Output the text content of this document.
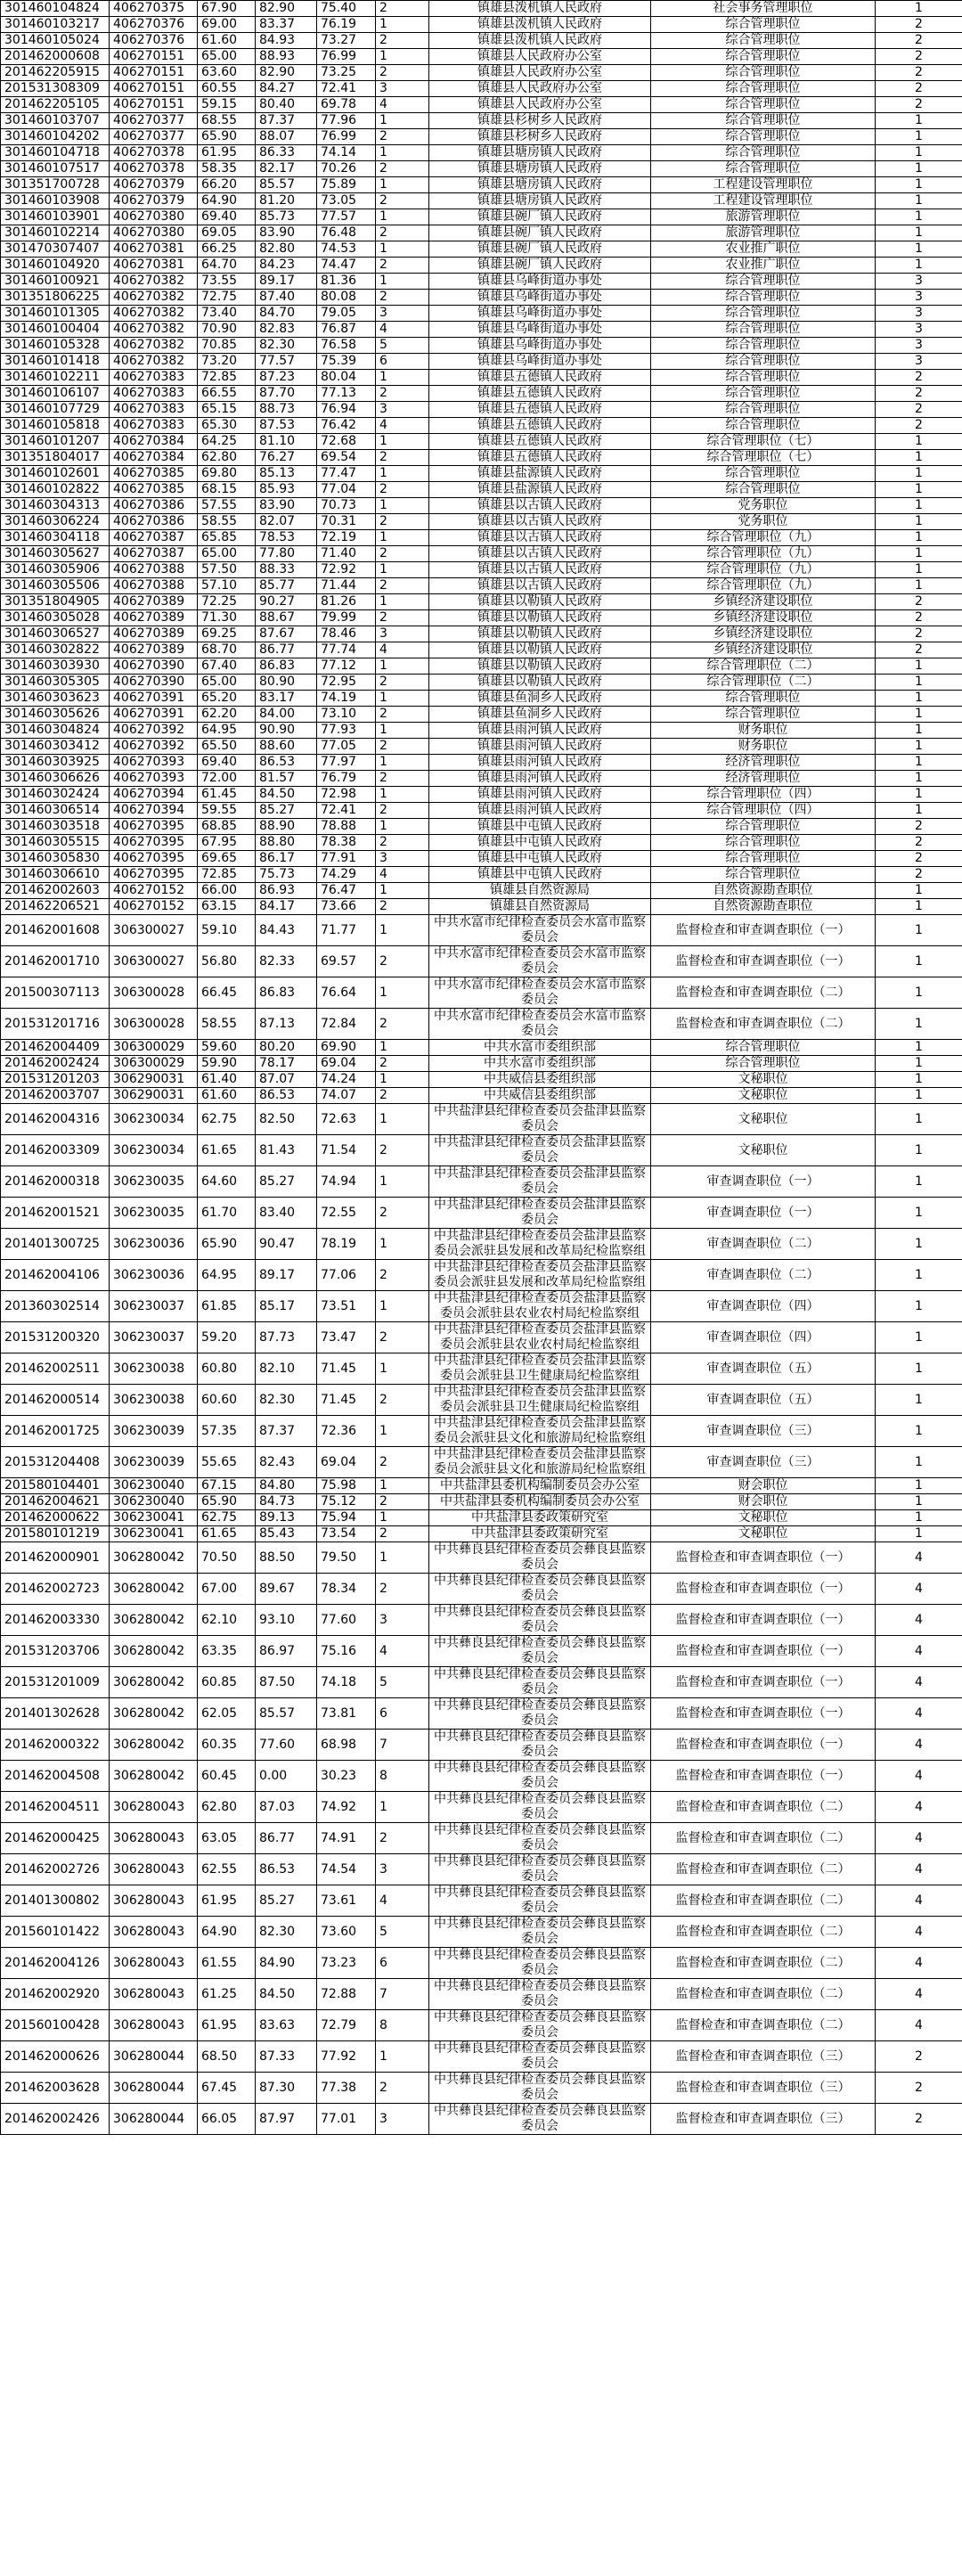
301460104824	406270375	67.90	82.90	75.40	2	镇雄县泼机镇人民政府	社会事务管理职位	1
301460103217	406270376	69.00	83.37	76.19	1	镇雄县泼机镇人民政府	综合管理职位	2
301460105024	406270376	61.60	84.93	73.27	2	镇雄县泼机镇人民政府	综合管理职位	2
201462000608	406270151	65.00	88.93	76.99	1	镇雄县人民政府办公室	综合管理职位	2
201462205915	406270151	63.60	82.90	73.25	2	镇雄县人民政府办公室	综合管理职位	2
201531308309	406270151	60.55	84.27	72.41	3	镇雄县人民政府办公室	综合管理职位	2
201462205105	406270151	59.15	80.40	69.78	4	镇雄县人民政府办公室	综合管理职位	2
301460103707	406270377	68.55	87.37	77.96	1	镇雄县杉树乡人民政府	综合管理职位	1
301460104202	406270377	65.90	88.07	76.99	2	镇雄县杉树乡人民政府	综合管理职位	1
301460104718	406270378	61.95	86.33	74.14	1	镇雄县塘房镇人民政府	综合管理职位	1
301460107517	406270378	58.35	82.17	70.26	2	镇雄县塘房镇人民政府	综合管理职位	1
301351700728	406270379	66.20	85.57	75.89	1	镇雄县塘房镇人民政府	工程建设管理职位	1
301460103908	406270379	64.90	81.20	73.05	2	镇雄县塘房镇人民政府	工程建设管理职位	1
301460103901	406270380	69.40	85.73	77.57	1	镇雄县碗厂镇人民政府	旅游管理职位	1
301460102214	406270380	69.05	83.90	76.48	2	镇雄县碗厂镇人民政府	旅游管理职位	1
301470307407	406270381	66.25	82.80	74.53	1	镇雄县碗厂镇人民政府	农业推广职位	1
301460104920	406270381	64.70	84.23	74.47	2	镇雄县碗厂镇人民政府	农业推广职位	1
301460100921	406270382	73.55	89.17	81.36	1	镇雄县乌峰街道办事处	综合管理职位	3
301351806225	406270382	72.75	87.40	80.08	2	镇雄县乌峰街道办事处	综合管理职位	3
301460101305	406270382	73.40	84.70	79.05	3	镇雄县乌峰街道办事处	综合管理职位	3
301460100404	406270382	70.90	82.83	76.87	4	镇雄县乌峰街道办事处	综合管理职位	3
301460105328	406270382	70.85	82.30	76.58	5	镇雄县乌峰街道办事处	综合管理职位	3
301460101418	406270382	73.20	77.57	75.39	6	镇雄县乌峰街道办事处	综合管理职位	3
301460102211	406270383	72.85	87.23	80.04	1	镇雄县五德镇人民政府	综合管理职位	2
301460106107	406270383	66.55	87.70	77.13	2	镇雄县五德镇人民政府	综合管理职位	2
301460107729	406270383	65.15	88.73	76.94	3	镇雄县五德镇人民政府	综合管理职位	2
301460105818	406270383	65.30	87.53	76.42	4	镇雄县五德镇人民政府	综合管理职位	2
301460101207	406270384	64.25	81.10	72.68	1	镇雄县五德镇人民政府	综合管理职位（七）	1
301351804017	406270384	62.80	76.27	69.54	2	镇雄县五德镇人民政府	综合管理职位（七）	1
301460102601	406270385	69.80	85.13	77.47	1	镇雄县盐源镇人民政府	综合管理职位	1
301460102822	406270385	68.15	85.93	77.04	2	镇雄县盐源镇人民政府	综合管理职位	1
301460304313	406270386	57.55	83.90	70.73	1	镇雄县以古镇人民政府	党务职位	1
301460306224	406270386	58.55	82.07	70.31	2	镇雄县以古镇人民政府	党务职位	1
301460304118	406270387	65.85	78.53	72.19	1	镇雄县以古镇人民政府	综合管理职位（九）	1
301460305627	406270387	65.00	77.80	71.40	2	镇雄县以古镇人民政府	综合管理职位（九）	1
301460305906	406270388	57.50	88.33	72.92	1	镇雄县以古镇人民政府	综合管理职位（九）	1
301460305506	406270388	57.10	85.77	71.44	2	镇雄县以古镇人民政府	综合管理职位（九）	1
301351804905	406270389	72.25	90.27	81.26	1	镇雄县以勒镇人民政府	乡镇经济建设职位	2
301460305028	406270389	71.30	88.67	79.99	2	镇雄县以勒镇人民政府	乡镇经济建设职位	2
301460306527	406270389	69.25	87.67	78.46	3	镇雄县以勒镇人民政府	乡镇经济建设职位	2
301460302822	406270389	68.70	86.77	77.74	4	镇雄县以勒镇人民政府	乡镇经济建设职位	2
301460303930	406270390	67.40	86.83	77.12	1	镇雄县以勒镇人民政府	综合管理职位（二）	1
301460305305	406270390	65.00	80.90	72.95	2	镇雄县以勒镇人民政府	综合管理职位（二）	1
301460303623	406270391	65.20	83.17	74.19	1	镇雄县鱼洞乡人民政府	综合管理职位	1
301460305626	406270391	62.20	84.00	73.10	2	镇雄县鱼洞乡人民政府	综合管理职位	1
301460304824	406270392	64.95	90.90	77.93	1	镇雄县雨河镇人民政府	财务职位	1
301460303412	406270392	65.50	88.60	77.05	2	镇雄县雨河镇人民政府	财务职位	1
301460303925	406270393	69.40	86.53	77.97	1	镇雄县雨河镇人民政府	经济管理职位	1
301460306626	406270393	72.00	81.57	76.79	2	镇雄县雨河镇人民政府	经济管理职位	1
301460302424	406270394	61.45	84.50	72.98	1	镇雄县雨河镇人民政府	综合管理职位（四）	1
301460306514	406270394	59.55	85.27	72.41	2	镇雄县雨河镇人民政府	综合管理职位（四）	1
301460303518	406270395	68.85	88.90	78.88	1	镇雄县中屯镇人民政府	综合管理职位	2
301460305515	406270395	67.95	88.80	78.38	2	镇雄县中屯镇人民政府	综合管理职位	2
301460305830	406270395	69.65	86.17	77.91	3	镇雄县中屯镇人民政府	综合管理职位	2
301460306610	406270395	72.85	75.73	74.29	4	镇雄县中屯镇人民政府	综合管理职位	2
201462002603	406270152	66.00	86.93	76.47	1	镇雄县自然资源局	自然资源勘查职位	1
201462206521	406270152	63.15	84.17	73.66	2	镇雄县自然资源局	自然资源勘查职位	1
201462001608	306300027	59.10	84.43	71.77	1	中共水富市纪律检查委员会水富市监察委员会	监督检查和审查调查职位（一）	1
201462001710	306300027	56.80	82.33	69.57	2	中共水富市纪律检查委员会水富市监察委员会	监督检查和审查调查职位（一）	1
201500307113	306300028	66.45	86.83	76.64	1	中共水富市纪律检查委员会水富市监察委员会	监督检查和审查调查职位（二）	1
201531201716	306300028	58.55	87.13	72.84	2	中共水富市纪律检查委员会水富市监察委员会	监督检查和审查调查职位（二）	1
201462004409	306300029	59.60	80.20	69.90	1	中共水富市委组织部	综合管理职位	1
201462002424	306300029	59.90	78.17	69.04	2	中共水富市委组织部	综合管理职位	1
201531201203	306290031	61.40	87.07	74.24	1	中共威信县委组织部	文秘职位	1
201462003707	306290031	61.60	86.53	74.07	2	中共威信县委组织部	文秘职位	1
201462004316	306230034	62.75	82.50	72.63	1	中共盐津县纪律检查委员会盐津县监察委员会	文秘职位	1
201462003309	306230034	61.65	81.43	71.54	2	中共盐津县纪律检查委员会盐津县监察委员会	文秘职位	1
201462000318	306230035	64.60	85.27	74.94	1	中共盐津县纪律检查委员会盐津县监察委员会	审查调查职位（一）	1
201462001521	306230035	61.70	83.40	72.55	2	中共盐津县纪律检查委员会盐津县监察委员会	审查调查职位（一）	1
201401300725	306230036	65.90	90.47	78.19	1	中共盐津县纪律检查委员会盐津县监察委员会派驻县发展和改革局纪检监察组	审查调查职位（二）	1
201462004106	306230036	64.95	89.17	77.06	2	中共盐津县纪律检查委员会盐津县监察委员会派驻县发展和改革局纪检监察组	审查调查职位（二）	1
201360302514	306230037	61.85	85.17	73.51	1	中共盐津县纪律检查委员会盐津县监察委员会派驻县农业农村局纪检监察组	审查调查职位（四）	1
201531200320	306230037	59.20	87.73	73.47	2	中共盐津县纪律检查委员会盐津县监察委员会派驻县农业农村局纪检监察组	审查调查职位（四）	1
201462002511	306230038	60.80	82.10	71.45	1	中共盐津县纪律检查委员会盐津县监察委员会派驻县卫生健康局纪检监察组	审查调查职位（五）	1
201462000514	306230038	60.60	82.30	71.45	2	中共盐津县纪律检查委员会盐津县监察委员会派驻县卫生健康局纪检监察组	审查调查职位（五）	1
201462001725	306230039	57.35	87.37	72.36	1	中共盐津县纪律检查委员会盐津县监察委员会派驻县文化和旅游局纪检监察组	审查调查职位（三）	1
201531204408	306230039	55.65	82.43	69.04	2	中共盐津县纪律检查委员会盐津县监察委员会派驻县文化和旅游局纪检监察组	审查调查职位（三）	1
201580104401	306230040	67.15	84.80	75.98	1	中共盐津县委机构编制委员会办公室	财会职位	1
201462004621	306230040	65.90	84.73	75.12	2	中共盐津县委机构编制委员会办公室	财会职位	1
201462000622	306230041	62.75	89.13	75.94	1	中共盐津县委政策研究室	文秘职位	1
201580101219	306230041	61.65	85.43	73.54	2	中共盐津县委政策研究室	文秘职位	1
201462000901	306280042	70.50	88.50	79.50	1	中共彝良县纪律检查委员会彝良县监察委员会	监督检查和审查调查职位（一）	4
201462002723	306280042	67.00	89.67	78.34	2	中共彝良县纪律检查委员会彝良县监察委员会	监督检查和审查调查职位（一）	4
201462003330	306280042	62.10	93.10	77.60	3	中共彝良县纪律检查委员会彝良县监察委员会	监督检查和审查调查职位（一）	4
201531203706	306280042	63.35	86.97	75.16	4	中共彝良县纪律检查委员会彝良县监察委员会	监督检查和审查调查职位（一）	4
201531201009	306280042	60.85	87.50	74.18	5	中共彝良县纪律检查委员会彝良县监察委员会	监督检查和审查调查职位（一）	4
201401302628	306280042	62.05	85.57	73.81	6	中共彝良县纪律检查委员会彝良县监察委员会	监督检查和审查调查职位（一）	4
201462000322	306280042	60.35	77.60	68.98	7	中共彝良县纪律检查委员会彝良县监察委员会	监督检查和审查调查职位（一）	4
201462004508	306280042	60.45	0.00	30.23	8	中共彝良县纪律检查委员会彝良县监察委员会	监督检查和审查调查职位（一）	4
201462004511	306280043	62.80	87.03	74.92	1	中共彝良县纪律检查委员会彝良县监察委员会	监督检查和审查调查职位（二）	4
201462000425	306280043	63.05	86.77	74.91	2	中共彝良县纪律检查委员会彝良县监察委员会	监督检查和审查调查职位（二）	4
201462002726	306280043	62.55	86.53	74.54	3	中共彝良县纪律检查委员会彝良县监察委员会	监督检查和审查调查职位（二）	4
201401300802	306280043	61.95	85.27	73.61	4	中共彝良县纪律检查委员会彝良县监察委员会	监督检查和审查调查职位（二）	4
201560101422	306280043	64.90	82.30	73.60	5	中共彝良县纪律检查委员会彝良县监察委员会	监督检查和审查调查职位（二）	4
201462004126	306280043	61.55	84.90	73.23	6	中共彝良县纪律检查委员会彝良县监察委员会	监督检查和审查调查职位（二）	4
201462002920	306280043	61.25	84.50	72.88	7	中共彝良县纪律检查委员会彝良县监察委员会	监督检查和审查调查职位（二）	4
201560100428	306280043	61.95	83.63	72.79	8	中共彝良县纪律检查委员会彝良县监察委员会	监督检查和审查调查职位（二）	4
201462000626	306280044	68.50	87.33	77.92	1	中共彝良县纪律检查委员会彝良县监察委员会	监督检查和审查调查职位（三）	2
201462003628	306280044	67.45	87.30	77.38	2	中共彝良县纪律检查委员会彝良县监察委员会	监督检查和审查调查职位（三）	2
201462002426	306280044	66.05	87.97	77.01	3	中共彝良县纪律检查委员会彝良县监察委员会	监督检查和审查调查职位（三）	2
